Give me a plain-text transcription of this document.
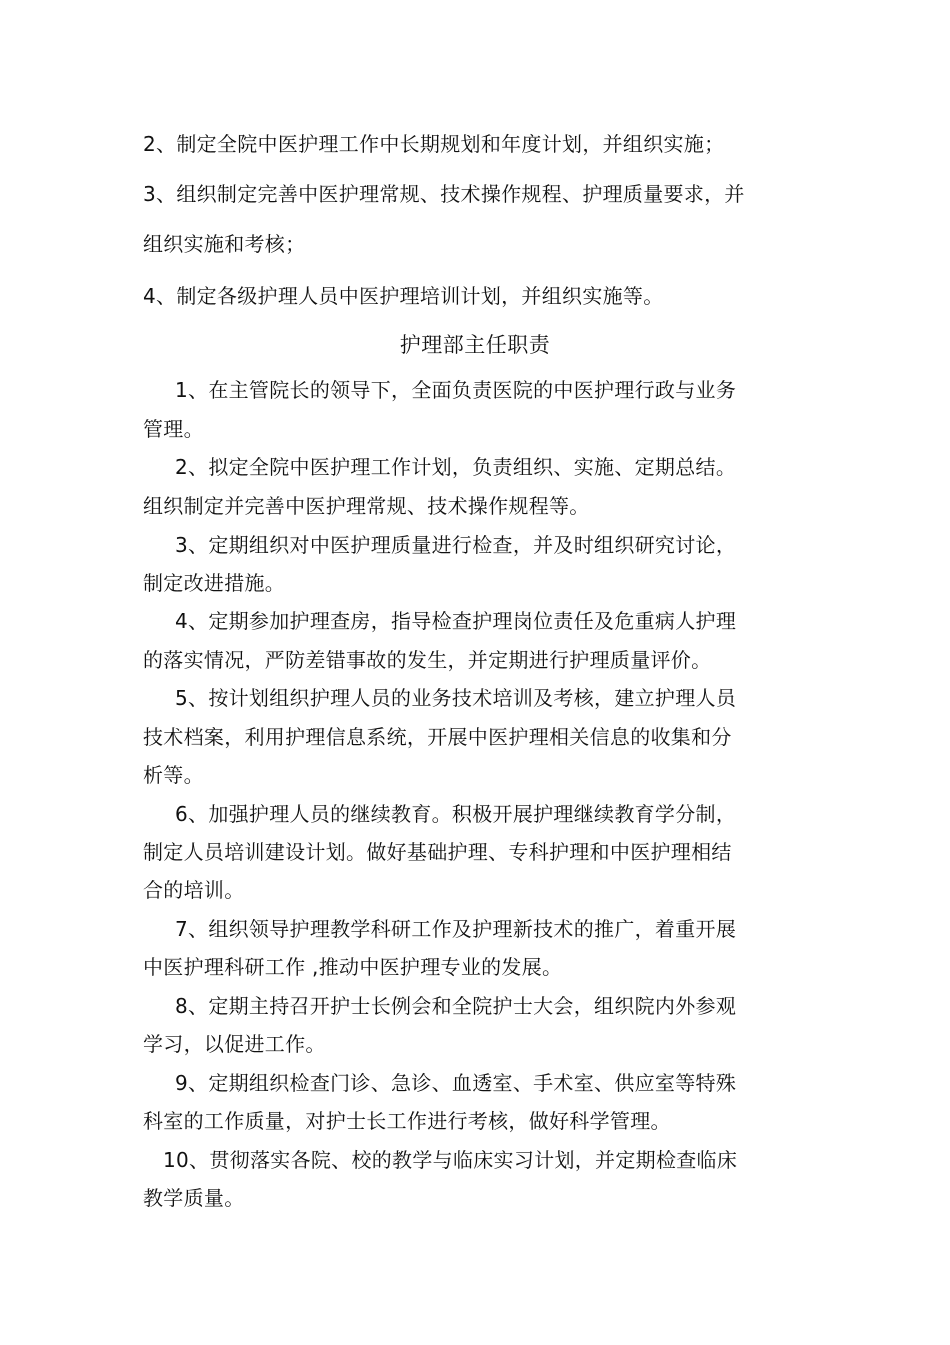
2、制定全院中医护理工作中长期规划和年度计划，并组织实施；
3、组织制定完善中医护理常规、技术操作规程、护理质量要求，并
组织实施和考核；
4、制定各级护理人员中医护理培训计划，并组织实施等。
护理部主任职责
1、在主管院长的领导下，全面负责医院的中医护理行政与业务
管理。
2、拟定全院中医护理工作计划，负责组织、实施、定期总结。
组织制定并完善中医护理常规、技术操作规程等。
3、定期组织对中医护理质量进行检查，并及时组织研究讨论，
制定改进措施。
4、定期参加护理查房，指导检查护理岗位责任及危重病人护理
的落实情况，严防差错事故的发生，并定期进行护理质量评价。
5、按计划组织护理人员的业务技术培训及考核，建立护理人员
技术档案，利用护理信息系统，开展中医护理相关信息的收集和分
析等。
6、加强护理人员的继续教育。积极开展护理继续教育学分制，
制定人员培训建设计划。做好基础护理、专科护理和中医护理相结
合的培训。
7、组织领导护理教学科研工作及护理新技术的推广，着重开展
中医护理科研工作 ,推动中医护理专业的发展。
8、定期主持召开护士长例会和全院护士大会，组织院内外参观
学习，以促进工作。
9、定期组织检查门诊、急诊、血透室、手术室、供应室等特殊
科室的工作质量，对护士长工作进行考核，做好科学管理。
10、贯彻落实各院、校的教学与临床实习计划，并定期检查临床
教学质量。
